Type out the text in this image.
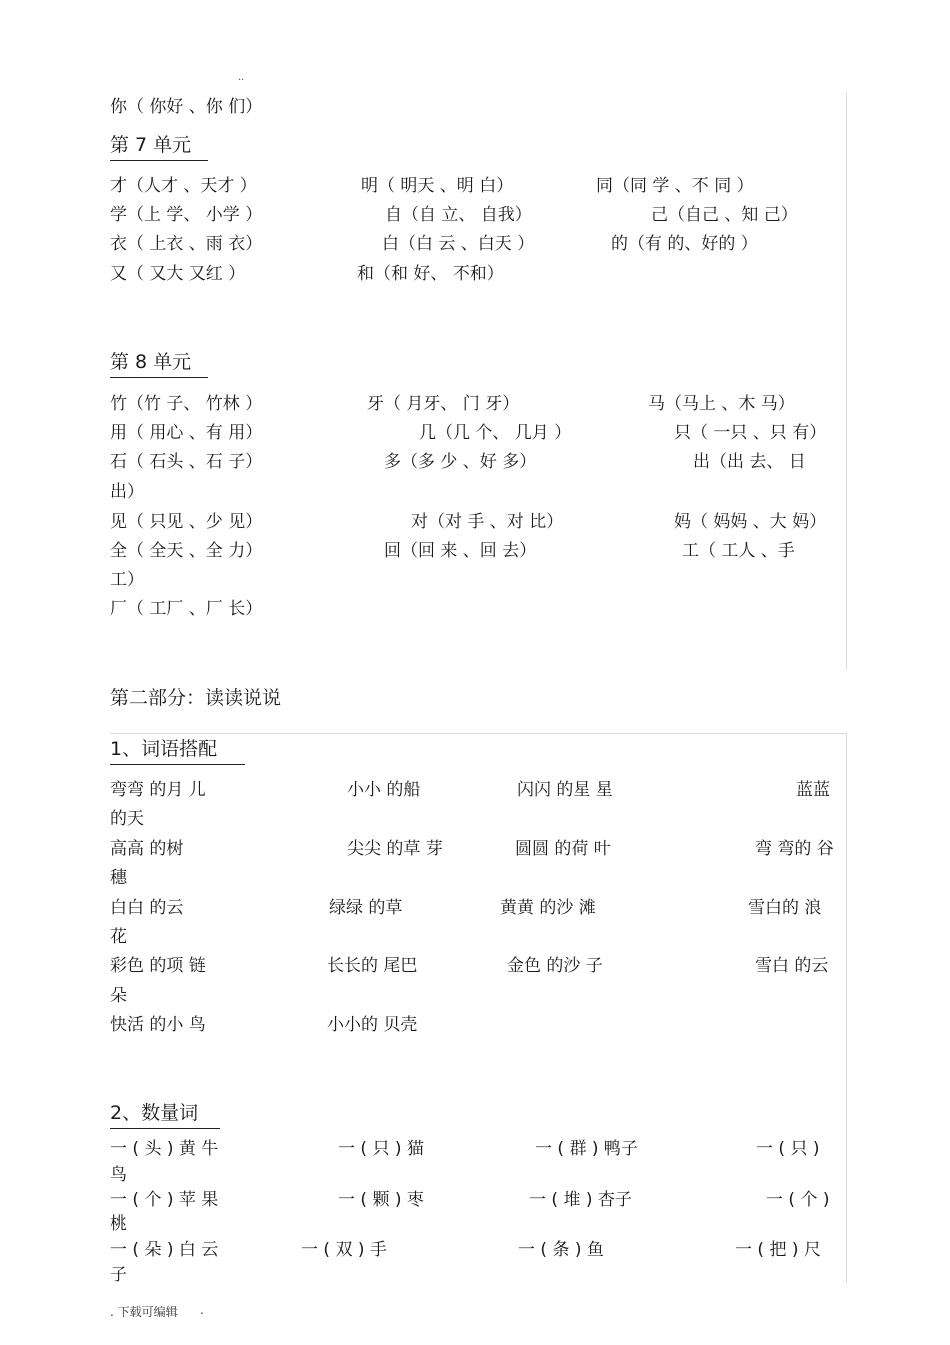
..
你（ 你好 、你 们）
第 7 单元
才（人才 、天才 ）	明（ 明天 、明 白）	同（同 学 、不 同 ）
学（上 学、 小学 ）	自（自 立、 自我）	己（自己 、知 己）
衣（ 上衣 、雨 衣）	白（白 云 、白天 ）	的（有 的、好的 ）
又（ 又大 又红 ）	和（和 好、 不和）
第 8 单元
竹（竹 子、 竹林 ）	牙（ 月牙、 门 牙）	马（马上 、木 马）
用（ 用心 、有 用）	几（几 个、 几月 ）	只（ 一只 、只 有）
石（ 石头 、石 子）	多（多 少 、好 多）	出（出 去、 日
出）
见（ 只见 、少 见）	对（对 手 、对 比）	妈（ 妈妈 、大 妈）
全（ 全天 、全 力）	回（回 来 、回 去）	工（ 工人 、手
工）
厂（ 工厂 、厂 长）
第二部分：读读说说
1、词语搭配
弯弯 的月 儿	小小 的船	闪闪 的星 星	蓝蓝
的天
高高 的树	尖尖 的草 芽	圆圆 的荷 叶	弯 弯的 谷
穗
白白 的云	绿绿 的草	黄黄 的沙 滩	雪白的 浪
花
彩色 的项 链	长长的 尾巴	金色 的沙 子	雪白 的云
朵
快活 的小 鸟	小小的 贝壳
2、数量词
一 ( 头 ) 黄 牛	一 ( 只 ) 猫	一 ( 群 ) 鸭子	一 ( 只 )
鸟
一 ( 个 ) 苹 果	一 ( 颗 ) 枣	一 ( 堆 ) 杏子	一 ( 个 )
桃
一 ( 朵 ) 白 云	一 ( 双 ) 手	一 ( 条 ) 鱼	一 ( 把 ) 尺
子
. 下载可编辑 .
